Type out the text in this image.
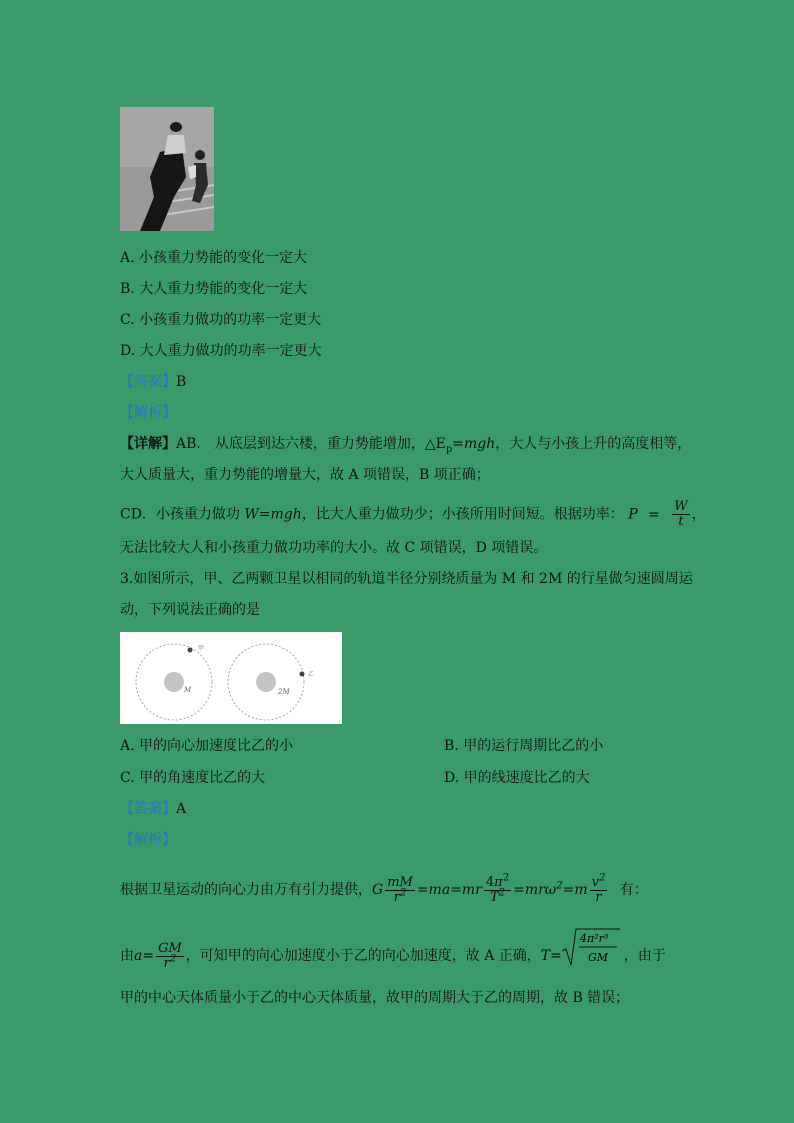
A. 小孩重力势能的变化一定大
B. 大人重力势能的变化一定大
C. 小孩重力做功的功率一定更大
D. 大人重力做功的功率一定更大
【答案】B
【解析】
【详解】AB． 从底层到达六楼，重力势能增加，$\triangle E_p=mgh$，大人与小孩上升的高度相等，
大人质量大，重力势能的增量大，故 A 项错误，B 项正确；
CD．小孩重力做功 W=mgh，比大人重力做功少；小孩所用时间短。根据功率： $P = \frac{W}{t}$ ，
无法比较大人和小孩重力做功功率的大小。故 C 项错误，D 项错误。
3.如图所示，甲、乙两颗卫星以相同的轨道半径分别绕质量为 M 和 2M 的行星做匀速圆周运
动，下列说法正确的是
M	2M
甲
乙
A. 甲的向心加速度比乙的小	B. 甲的运行周期比乙的小
C. 甲的角速度比乙的大	D. 甲的线速度比乙的大
【答案】A
【解析】
根据卫星运动的向心力由万有引力提供，G $\frac{mM}{r^2} =ma=mr \frac{4\pi^2}{T^2} =mr\omega^2=m \frac{v^2}{r}$ 有：
由$a= \frac{GM}{r^2}$ ，可知甲的向心加速度小于乙的向心加速度，故 A 正确，T=
4π²r³
GM ，由于
甲的中心天体质量小于乙的中心天体质量，故甲的周期大于乙的周期，故 B 错误；
